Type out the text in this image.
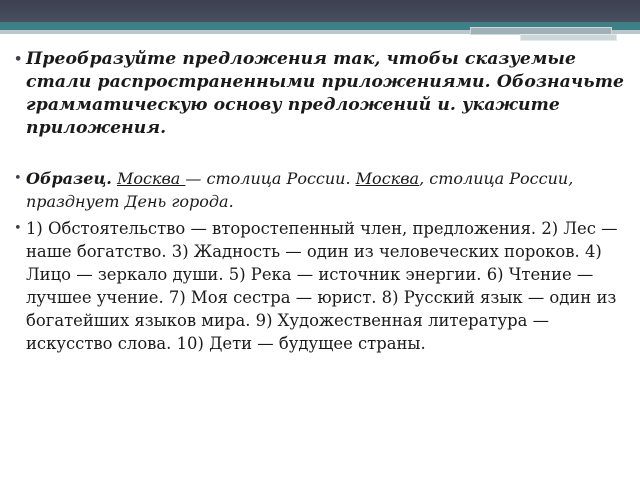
• Преобразуйте предложения так, чтобы сказуемые стали распространенными приложениями. Обозначьте грамматическую основу предложений и. укажите приложения.
• Образец. Москва — столица России. Москва, столица России, празднует День города.
• 1) Обстоятельство — второстепенный член, предложения. 2) Лес — наше богатство. 3) Жадность — один из человеческих пороков. 4) Лицо — зеркало души. 5) Река — источник энергии. 6) Чтение — лучшее учение. 7) Моя сестра — юрист. 8) Русский язык — один из богатейших языков мира. 9) Художественная литература — искусство слова. 10) Дети — будущее страны.
